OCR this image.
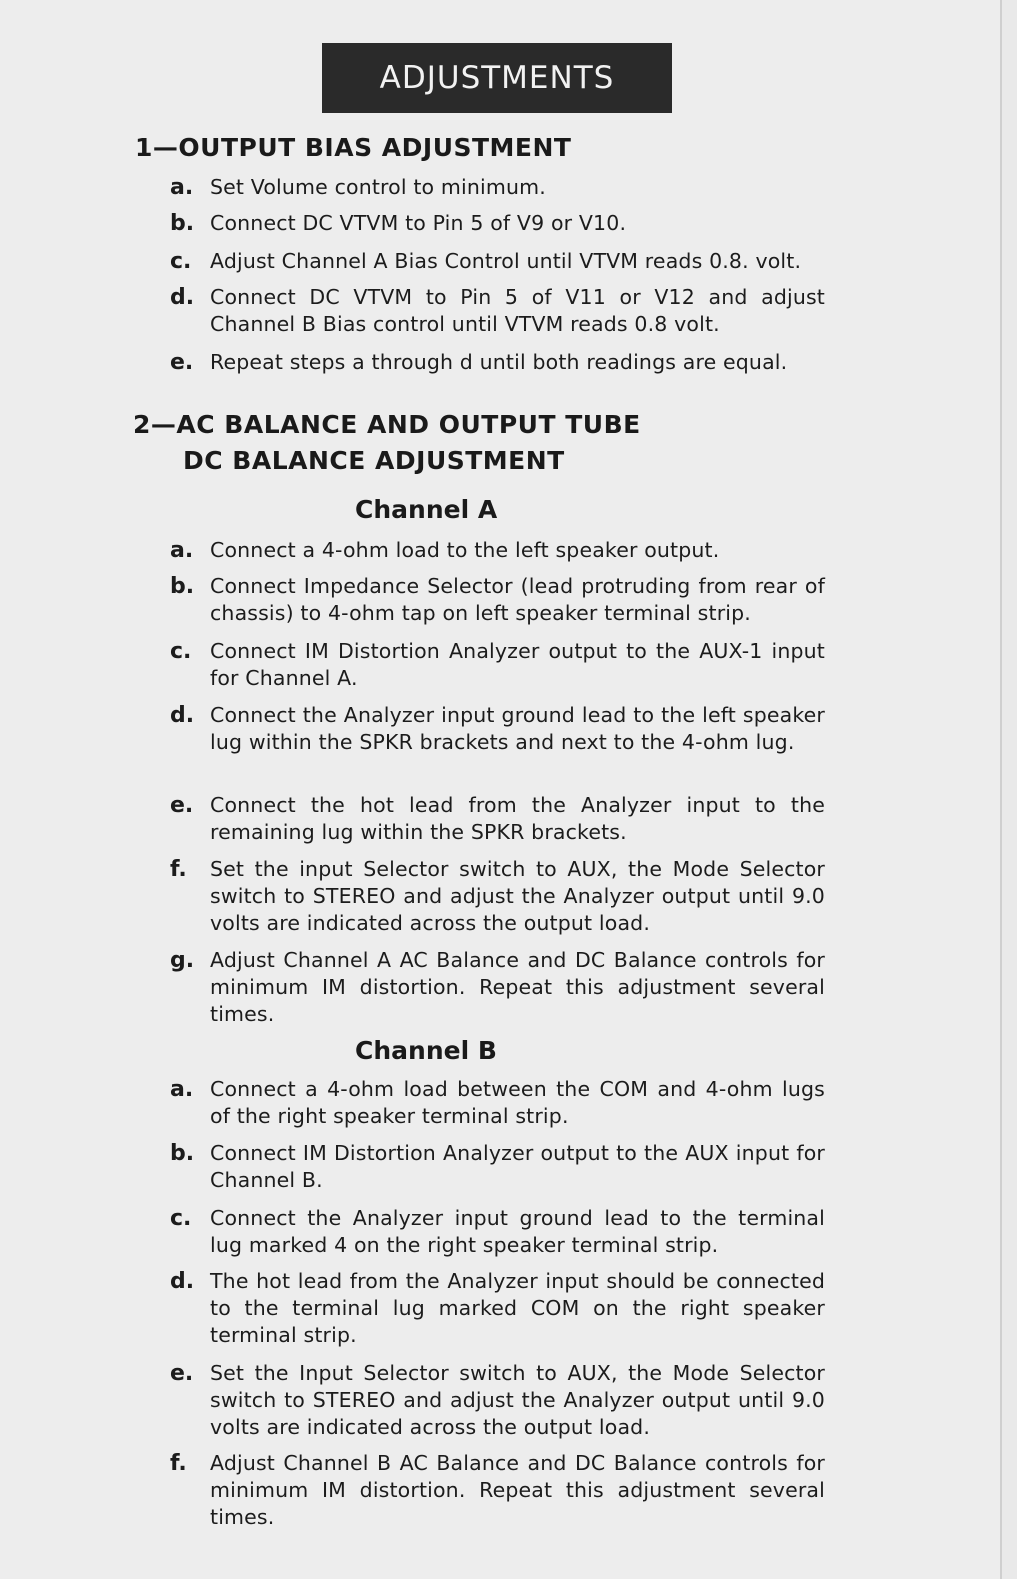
ADJUSTMENTS
1—OUTPUT BIAS ADJUSTMENT
a. Set Volume control to minimum.
b. Connect DC VTVM to Pin 5 of V9 or V10.
c. Adjust Channel A Bias Control until VTVM reads 0.8. volt.
d. Connect DC VTVM to Pin 5 of V11 or V12 and adjust Channel B Bias control until VTVM reads 0.8 volt.
e. Repeat steps a through d until both readings are equal.
2—AC BALANCE AND OUTPUT TUBE
DC BALANCE ADJUSTMENT
Channel A
a. Connect a 4-ohm load to the left speaker output.
b. Connect Impedance Selector (lead protruding from rear of chassis) to 4-ohm tap on left speaker terminal strip.
c. Connect IM Distortion Analyzer output to the AUX-1 input for Channel A.
d. Connect the Analyzer input ground lead to the left speaker lug within the SPKR brackets and next to the 4-ohm lug.
e. Connect the hot lead from the Analyzer input to the remaining lug within the SPKR brackets.
f. Set the input Selector switch to AUX, the Mode Selector switch to STEREO and adjust the Analyzer output until 9.0 volts are indicated across the output load.
g. Adjust Channel A AC Balance and DC Balance controls for minimum IM distortion. Repeat this adjustment several times.
Channel B
a. Connect a 4-ohm load between the COM and 4-ohm lugs of the right speaker terminal strip.
b. Connect IM Distortion Analyzer output to the AUX input for Channel B.
c. Connect the Analyzer input ground lead to the terminal lug marked 4 on the right speaker terminal strip.
d. The hot lead from the Analyzer input should be connected to the terminal lug marked COM on the right speaker terminal strip.
e. Set the Input Selector switch to AUX, the Mode Selector switch to STEREO and adjust the Analyzer output until 9.0 volts are indicated across the output load.
f. Adjust Channel B AC Balance and DC Balance controls for minimum IM distortion. Repeat this adjustment several times.
